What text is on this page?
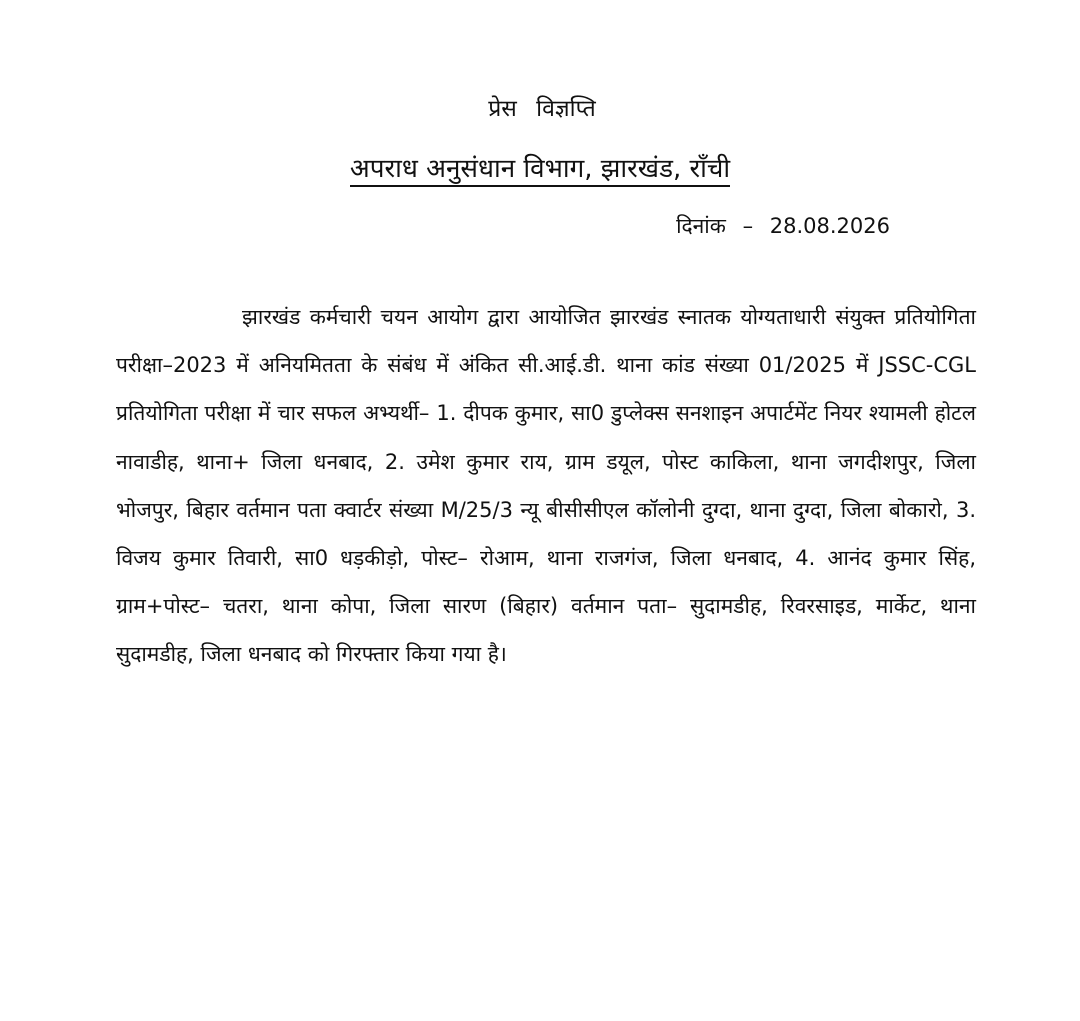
प्रेस विज्ञप्ति
अपराध अनुसंधान विभाग, झारखंड, राँची
दिनांक – 28.08.2026

झारखंड कर्मचारी चयन आयोग द्वारा आयोजित झारखंड स्नातक योग्यताधारी संयुक्त प्रतियोगिता परीक्षा–2023 में अनियमितता के संबंध में अंकित सी.आई.डी. थाना कांड संख्या 01/2025 में JSSC-CGL प्रतियोगिता परीक्षा में चार सफल अभ्यर्थी– 1. दीपक कुमार, सा0 डुप्लेक्स सनशाइन अपार्टमेंट नियर श्यामली होटल नावाडीह, थाना+ जिला धनबाद, 2. उमेश कुमार राय, ग्राम डयूल, पोस्ट काकिला, थाना जगदीशपुर, जिला भोजपुर, बिहार वर्तमान पता क्वार्टर संख्या M/25/3 न्यू बीसीसीएल कॉलोनी दुग्दा, थाना दुग्दा, जिला बोकारो, 3. विजय कुमार तिवारी, सा0 धड़कीड़ो, पोस्ट– रोआम, थाना राजगंज, जिला धनबाद, 4. आनंद कुमार सिंह, ग्राम+पोस्ट– चतरा, थाना कोपा, जिला सारण (बिहार) वर्तमान पता– सुदामडीह, रिवरसाइड, मार्केट, थाना सुदामडीह, जिला धनबाद को गिरफ्तार किया गया है।
